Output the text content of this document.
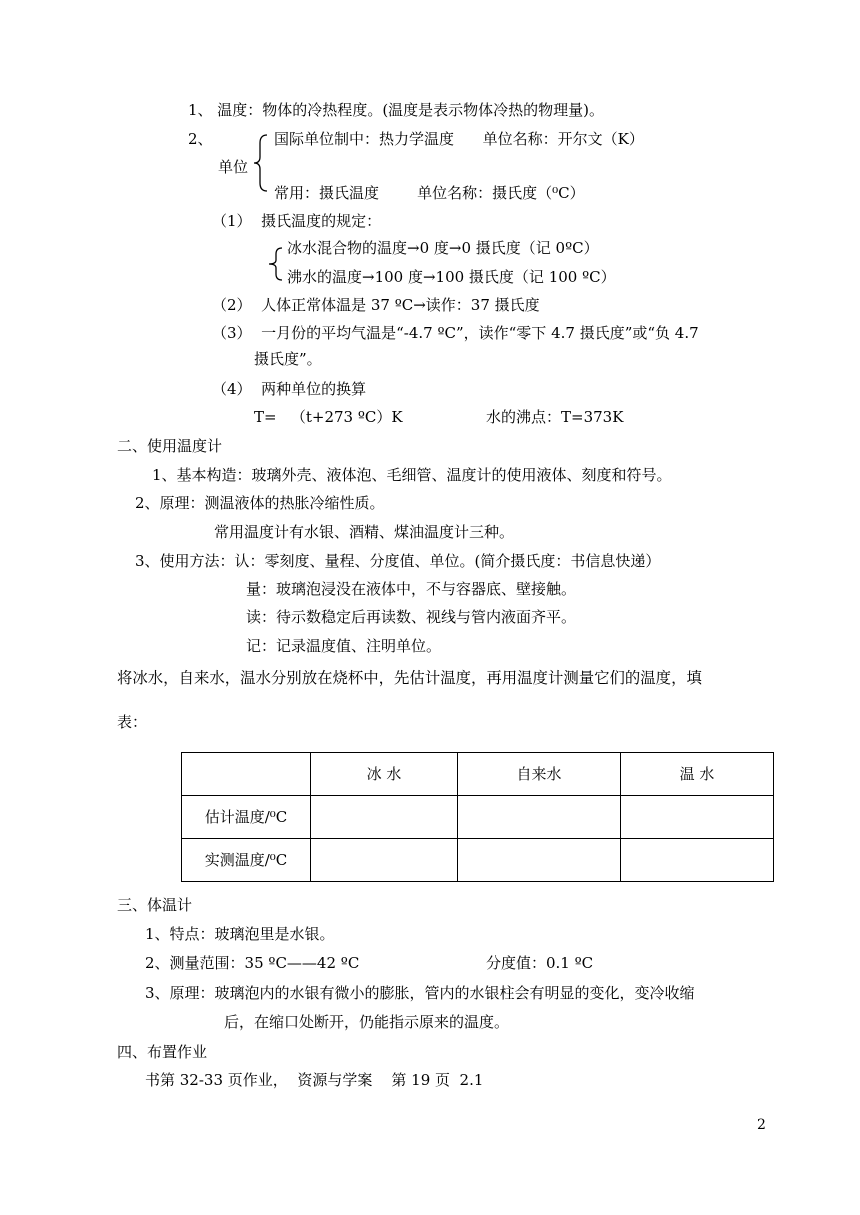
1、 温度：物体的冷热程度。(温度是表示物体冷热的物理量)。
2、
单位
国际单位制中：热力学温度      单位名称：开尔文（K）
常用：摄氏温度        单位名称：摄氏度（⁰C）
（1）  摄氏温度的规定：
冰水混合物的温度→0 度→0 摄氏度（记 0ºC）
沸水的温度→100 度→100 摄氏度（记 100 ºC）
（2）  人体正常体温是 37 ºC→读作：37 摄氏度
（3）  一月份的平均气温是“-4.7 ºC”，读作“零下 4.7 摄氏度”或“负 4.7
摄氏度”。
（4）  两种单位的换算
T=   （t+273 ºC）K	水的沸点：T=373K
二、使用温度计
1、基本构造：玻璃外壳、液体泡、毛细管、温度计的使用液体、刻度和符号。
2、原理：测温液体的热胀冷缩性质。
常用温度计有水银、酒精、煤油温度计三种。
3、使用方法：认：零刻度、量程、分度值、单位。(简介摄氏度：书信息快递）
量：玻璃泡浸没在液体中，不与容器底、壁接触。
读：待示数稳定后再读数、视线与管内液面齐平。
记：记录温度值、注明单位。
将冰水，自来水，温水分别放在烧杯中，先估计温度，再用温度计测量它们的温度，填
表：
	冰 水	自来水	温 水
估计温度/⁰C			
实测温度/⁰C			
三、体温计
1、特点：玻璃泡里是水银。
2、测量范围：35 ºC——42 ºC	分度值：0.1 ºC
3、原理：玻璃泡内的水银有微小的膨胀，管内的水银柱会有明显的变化，变冷收缩
后，在缩口处断开，仍能指示原来的温度。
四、布置作业
书第 32-33 页作业，  资源与学案    第 19 页  2.1
2
